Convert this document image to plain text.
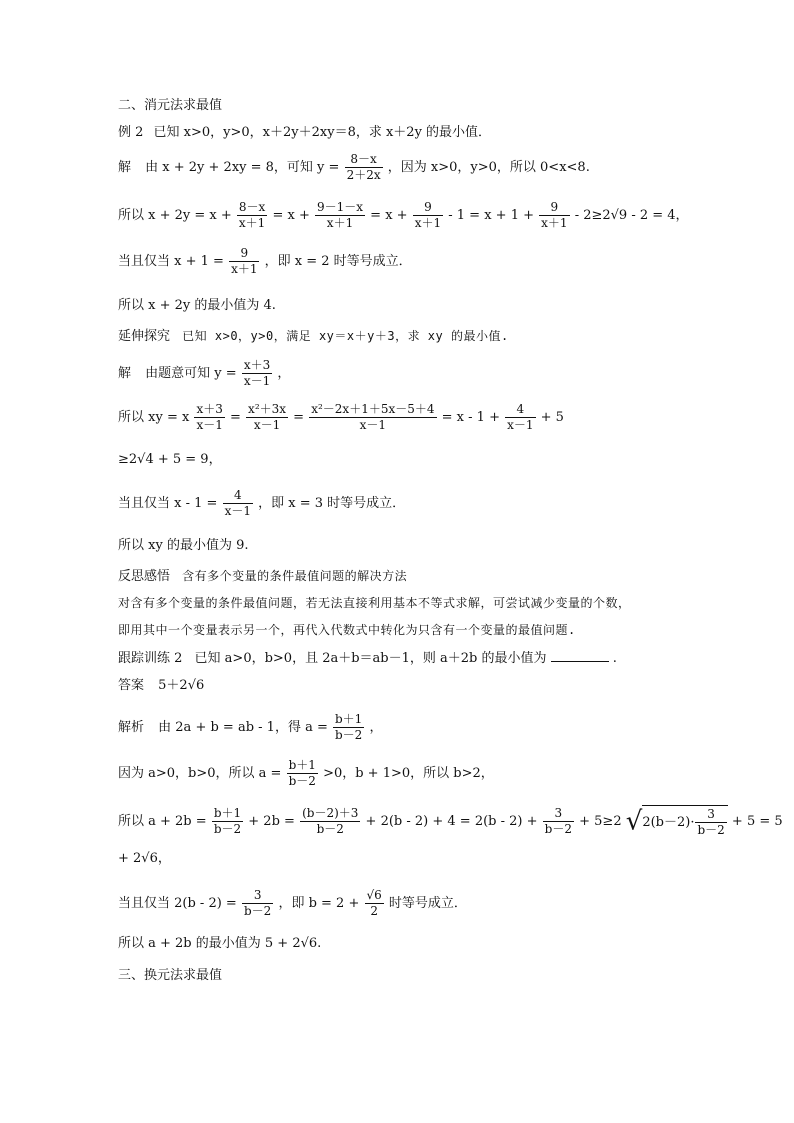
二、消元法求最值
例 2 已知 x>0，y>0，x＋2y＋2xy＝8，求 x＋2y 的最小值．
解 由 x + 2y + 2xy = 8，可知 $y = \frac{8-x}{2+2x}$ ，因为 x>0，y>0，所以 0<x<8.
所以 $x + 2y = x + \frac{8-x}{x+1} = x + \frac{9-1-x}{x+1} = x + \frac{9}{x+1} - 1 = x + 1 + \frac{9}{x+1} - 2\ge 2√9 - 2 = 4$，
当且仅当 $x + 1 = \frac{9}{x+1}$ ，即 x = 2 时等号成立．
所以 x + 2y 的最小值为 4.
延伸探究 已知 x>0，y>0，满足 xy＝x＋y＋3，求 xy 的最小值.
解 由题意可知 $y = \frac{x+3}{x-1}$ ，
所以 xy = x $\frac{x+3}{x-1} = \frac{\text{x²＋3x}}{x-1} = \frac{\text{x²－2x＋1＋5x－5＋4}}{x-1} = x - 1 + \frac{4}{x-1} + 5$
≥2√4 + 5 = 9，
当且仅当 $x - 1 = \frac{4}{x-1}$ ，即 x = 3 时等号成立．
所以 xy 的最小值为 9.
反思感悟 含有多个变量的条件最值问题的解决方法
对含有多个变量的条件最值问题，若无法直接利用基本不等式求解，可尝试减少变量的个数，
即用其中一个变量表示另一个，再代入代数式中转化为只含有一个变量的最值问题.
跟踪训练 2 已知 a>0，b>0，且 2a＋b＝ab－1，则 a＋2b 的最小值为	.
答案 5＋2√6
解析 由 2a + b = ab - 1，得 $a = \frac{b+1}{b-2}$ ，
因为 a>0，b>0，所以 $a = \frac{b+1}{b-2} >0$，b + 1>0，所以 b>2，
所以 $a + 2b = \frac{b+1}{b-2} + 2b = \frac{(b-2)+3}{b-2} + 2(b - 2) + 4 = 2(b - 2) + \frac{3}{b-2} + 5\ge 2$ $√2(b-2)\cdot \frac{3}{b-2} + 5 = 5$
+ 2√6，
当且仅当 $2(b - 2) = \frac{3}{b-2}$ ，即 $b = 2 + \frac{√6}{2}$ 时等号成立．
所以 a + 2b 的最小值为 5 + 2√6.
三、换元法求最值
